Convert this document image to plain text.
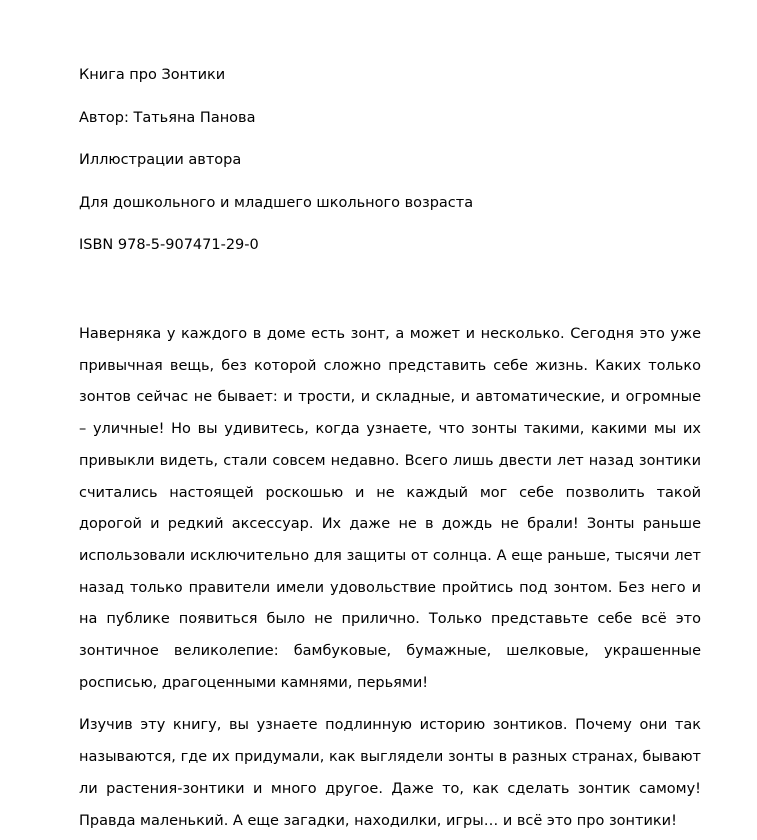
Книга про Зонтики

Автор: Татьяна Панова

Иллюстрации автора

Для дошкольного и младшего школьного возраста

ISBN 978-5-907471-29-0

Наверняка у каждого в доме есть зонт, а может и несколько. Сегодня это уже привычная вещь, без которой сложно представить себе жизнь. Каких только зонтов сейчас не бывает: и трости, и складные, и автоматические, и огромные – уличные! Но вы удивитесь, когда узнаете, что зонты такими, какими мы их привыкли видеть, стали совсем недавно. Всего лишь двести лет назад зонтики считались настоящей роскошью и не каждый мог себе позволить такой дорогой и редкий аксессуар. Их даже не в дождь не брали! Зонты раньше использовали исключительно для защиты от солнца. А еще раньше, тысячи лет назад только правители имели удовольствие пройтись под зонтом. Без него и на публике появиться было не прилично. Только представьте себе всё это зонтичное великолепие: бамбуковые, бумажные, шелковые, украшенные росписью, драгоценными камнями, перьями!

Изучив эту книгу, вы узнаете подлинную историю зонтиков. Почему они так называются, где их придумали, как выглядели зонты в разных странах, бывают ли растения-зонтики и много другое. Даже то, как сделать зонтик самому! Правда маленький. А еще загадки, находилки, игры… и всё это про зонтики!
